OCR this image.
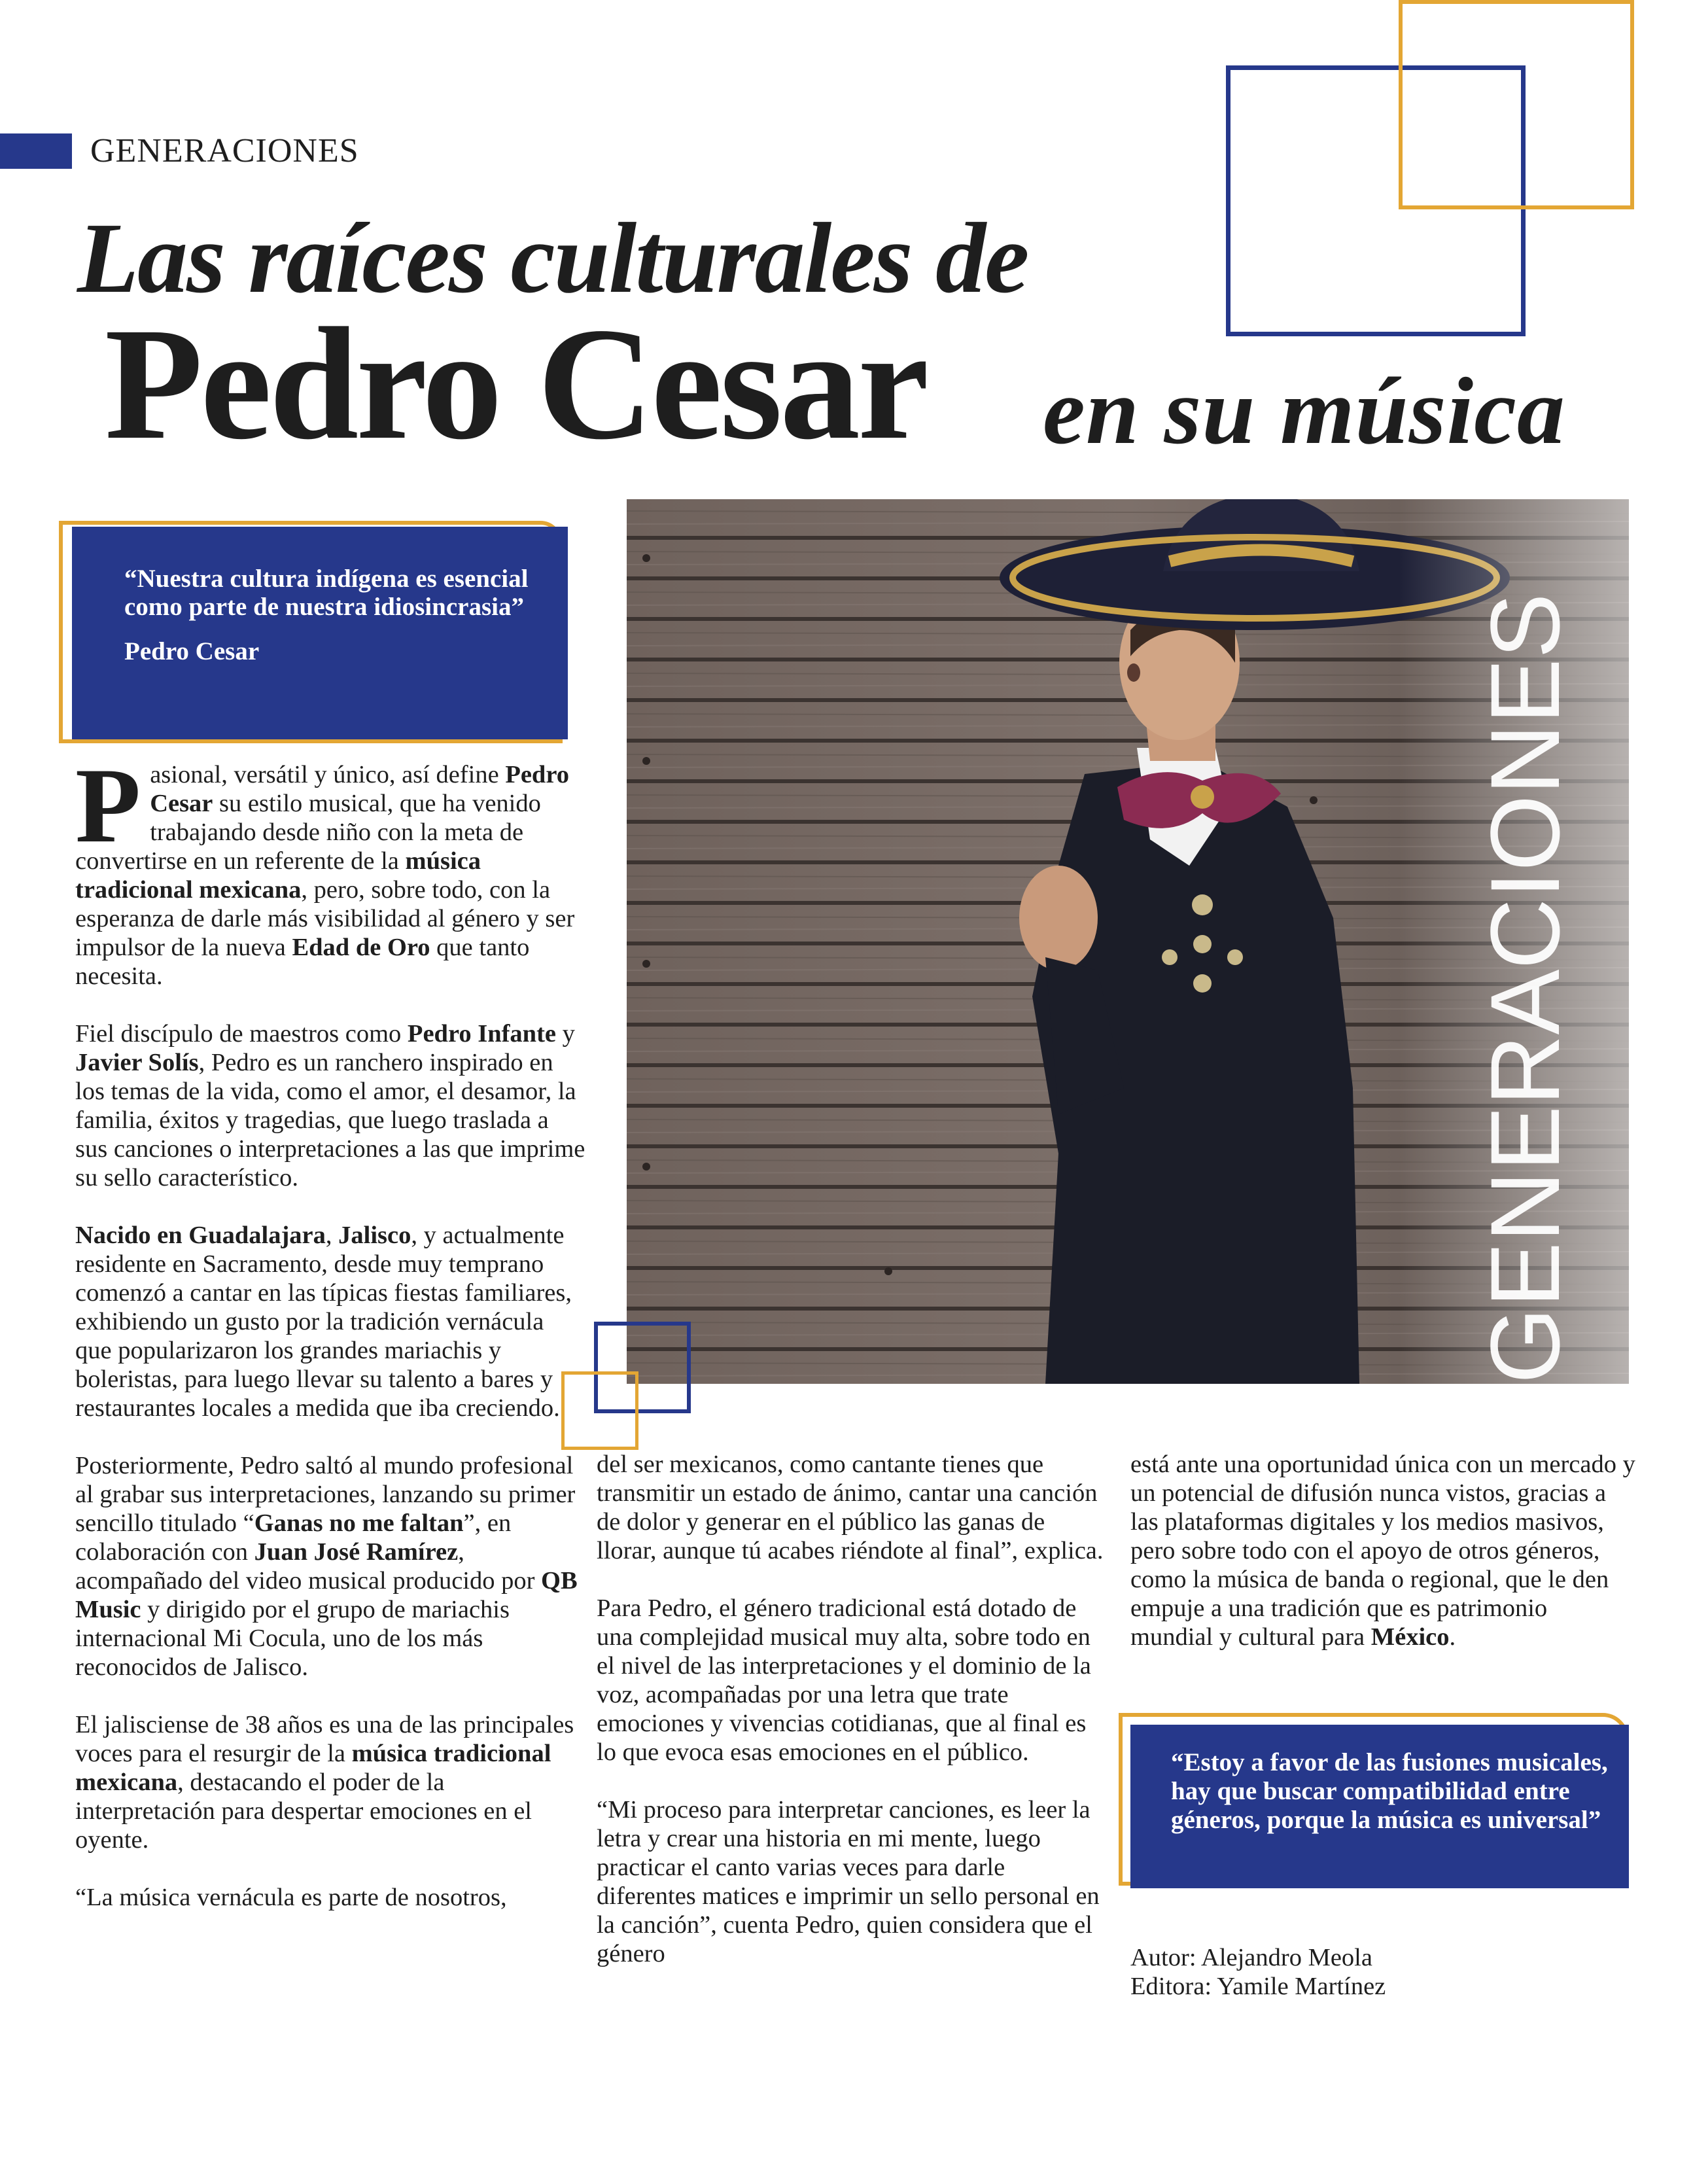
GENERACIONES
Las raíces culturales de
Pedro Cesar en su música
GENERACIONES
“Nuestra cultura indígena es esencial como parte de nuestra idiosincrasia”
Pedro Cesar

Pasional, versátil y único, así define Pedro Cesar su estilo musical, que ha venido trabajando desde niño con la meta de convertirse en un referente de la música tradicional mexicana, pero, sobre todo, con la esperanza de darle más visibilidad al género y ser impulsor de la nueva Edad de Oro que tanto necesita.

Fiel discípulo de maestros como Pedro Infante y Javier Solís, Pedro es un ranchero inspirado en los temas de la vida, como el amor, el desamor, la familia, éxitos y tragedias, que luego traslada a sus canciones o interpretaciones a las que imprime su sello característico.

Nacido en Guadalajara, Jalisco, y actualmente residente en Sacramento, desde muy temprano comenzó a cantar en las típicas fiestas familiares, exhibiendo un gusto por la tradición vernácula que popularizaron los grandes mariachis y boleristas, para luego llevar su talento a bares y restaurantes locales a medida que iba creciendo.

Posteriormente, Pedro saltó al mundo profesional al grabar sus interpretaciones, lanzando su primer sencillo titulado “Ganas no me faltan”, en colaboración con Juan José Ramírez, acompañado del video musical producido por QB Music y dirigido por el grupo de mariachis internacional Mi Cocula, uno de los más reconocidos de Jalisco.

El jalisciense de 38 años es una de las principales voces para el resurgir de la música tradicional mexicana, destacando el poder de la interpretación para despertar emociones en el oyente.

“La música vernácula es parte de nosotros,

del ser mexicanos, como cantante tienes que transmitir un estado de ánimo, cantar una canción de dolor y generar en el público las ganas de llorar, aunque tú acabes riéndote al final”, explica.

Para Pedro, el género tradicional está dotado de una complejidad musical muy alta, sobre todo en el nivel de las interpretaciones y el dominio de la voz, acompañadas por una letra que trate emociones y vivencias cotidianas, que al final es lo que evoca esas emociones en el público.

“Mi proceso para interpretar canciones, es leer la letra y crear una historia en mi mente, luego practicar el canto varias veces para darle diferentes matices e imprimir un sello personal en la canción”, cuenta Pedro, quien considera que el género

está ante una oportunidad única con un mercado y un potencial de difusión nunca vistos, gracias a las plataformas digitales y los medios masivos, pero sobre todo con el apoyo de otros géneros, como la música de banda o regional, que le den empuje a una tradición que es patrimonio mundial y cultural para México.

“Estoy a favor de las fusiones musicales, hay que buscar compatibilidad entre géneros, porque la música es universal”
Autor: Alejandro Meola
Editora: Yamile Martínez
